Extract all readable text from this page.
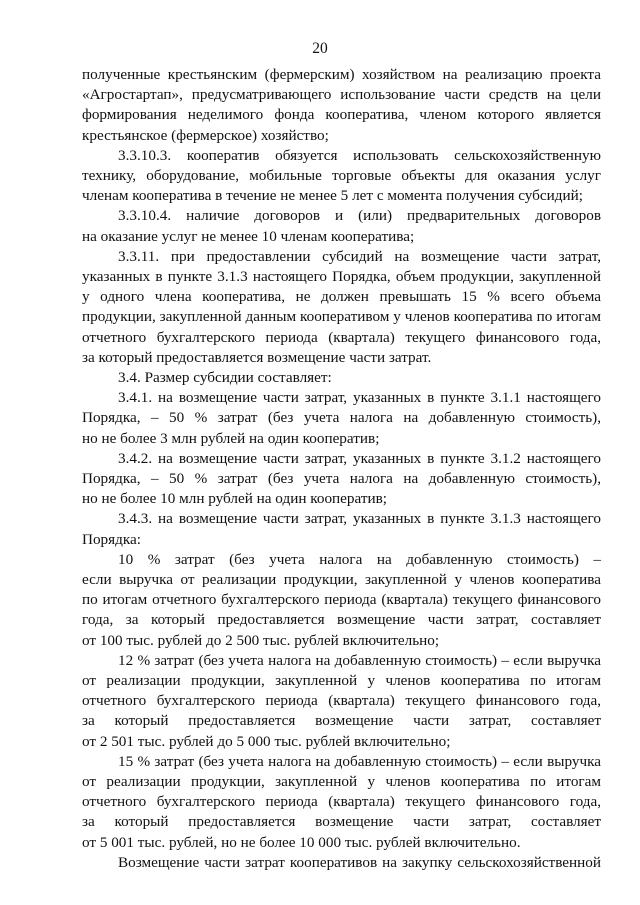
20
полученные крестьянским (фермерским) хозяйством на реализацию проекта
«Агростартап», предусматривающего использование части средств на цели
формирования неделимого фонда кооператива, членом которого является
крестьянское (фермерское) хозяйство;
3.3.10.3. кооператив обязуется использовать сельскохозяйственную
технику, оборудование, мобильные торговые объекты для оказания услуг
членам кооператива в течение не менее 5 лет с момента получения субсидий;
3.3.10.4. наличие договоров и (или) предварительных договоров
на оказание услуг не менее 10 членам кооператива;
3.3.11. при предоставлении субсидий на возмещение части затрат,
указанных в пункте 3.1.3 настоящего Порядка, объем продукции, закупленной
у одного члена кооператива, не должен превышать 15 % всего объема
продукции, закупленной данным кооперативом у членов кооператива по итогам
отчетного бухгалтерского периода (квартала) текущего финансового года,
за который предоставляется возмещение части затрат.
3.4. Размер субсидии составляет:
3.4.1. на возмещение части затрат, указанных в пункте 3.1.1 настоящего
Порядка, – 50 % затрат (без учета налога на добавленную стоимость),
но не более 3 млн рублей на один кооператив;
3.4.2. на возмещение части затрат, указанных в пункте 3.1.2 настоящего
Порядка, – 50 % затрат (без учета налога на добавленную стоимость),
но не более 10 млн рублей на один кооператив;
3.4.3. на возмещение части затрат, указанных в пункте 3.1.3 настоящего
Порядка:
10 % затрат (без учета налога на добавленную стоимость) –
если выручка от реализации продукции, закупленной у членов кооператива
по итогам отчетного бухгалтерского периода (квартала) текущего финансового
года, за который предоставляется возмещение части затрат, составляет
от 100 тыс. рублей до 2 500 тыс. рублей включительно;
12 % затрат (без учета налога на добавленную стоимость) – если выручка
от реализации продукции, закупленной у членов кооператива по итогам
отчетного бухгалтерского периода (квартала) текущего финансового года,
за который предоставляется возмещение части затрат, составляет
от 2 501 тыс. рублей до 5 000 тыс. рублей включительно;
15 % затрат (без учета налога на добавленную стоимость) – если выручка
от реализации продукции, закупленной у членов кооператива по итогам
отчетного бухгалтерского периода (квартала) текущего финансового года,
за который предоставляется возмещение части затрат, составляет
от 5 001 тыс. рублей, но не более 10 000 тыс. рублей включительно.
Возмещение части затрат кооперативов на закупку сельскохозяйственной
